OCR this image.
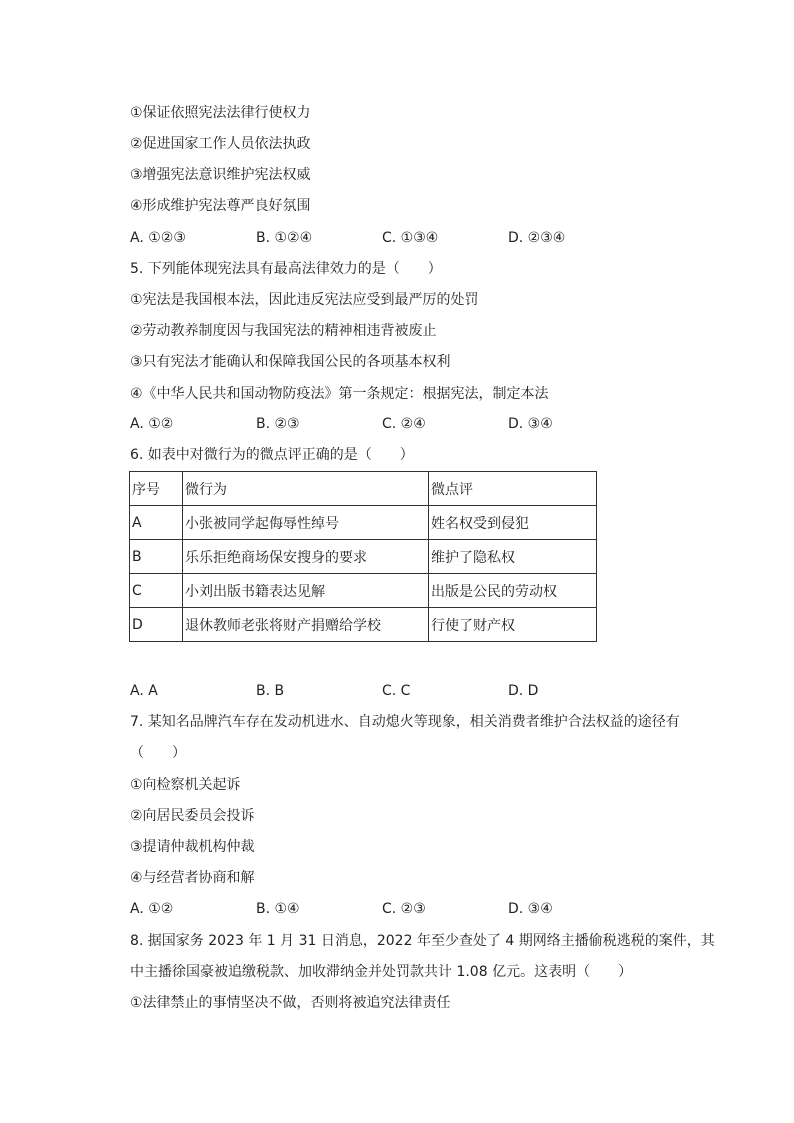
①保证依照宪法法律行使权力
②促进国家工作人员依法执政
③增强宪法意识维护宪法权威
④形成维护宪法尊严良好氛围
A. ①②③	B. ①②④	C. ①③④	D. ②③④
5. 下列能体现宪法具有最高法律效力的是（　　）
①宪法是我国根本法，因此违反宪法应受到最严厉的处罚
②劳动教养制度因与我国宪法的精神相违背被废止
③只有宪法才能确认和保障我国公民的各项基本权利
④《中华人民共和国动物防疫法》第一条规定：根据宪法，制定本法
A. ①②	B. ②③	C. ②④	D. ③④
6. 如表中对微行为的微点评正确的是（　　）
序号	微行为	微点评
A	小张被同学起侮辱性绰号	姓名权受到侵犯
B	乐乐拒绝商场保安搜身的要求	维护了隐私权
C	小刘出版书籍表达见解	出版是公民的劳动权
D	退休教师老张将财产捐赠给学校	行使了财产权
A. A	B. B	C. C	D. D
7. 某知名品牌汽车存在发动机进水、自动熄火等现象，相关消费者维护合法权益的途径有
（　　）
①向检察机关起诉
②向居民委员会投诉
③提请仲裁机构仲裁
④与经营者协商和解
A. ①②	B. ①④	C. ②③	D. ③④
8. 据国家务 2023 年 1 月 31 日消息，2022 年至少查处了 4 期网络主播偷税逃税的案件，其
中主播徐国豪被追缴税款、加收滞纳金并处罚款共计 1.08 亿元。这表明（　　）
①法律禁止的事情坚决不做，否则将被追究法律责任
